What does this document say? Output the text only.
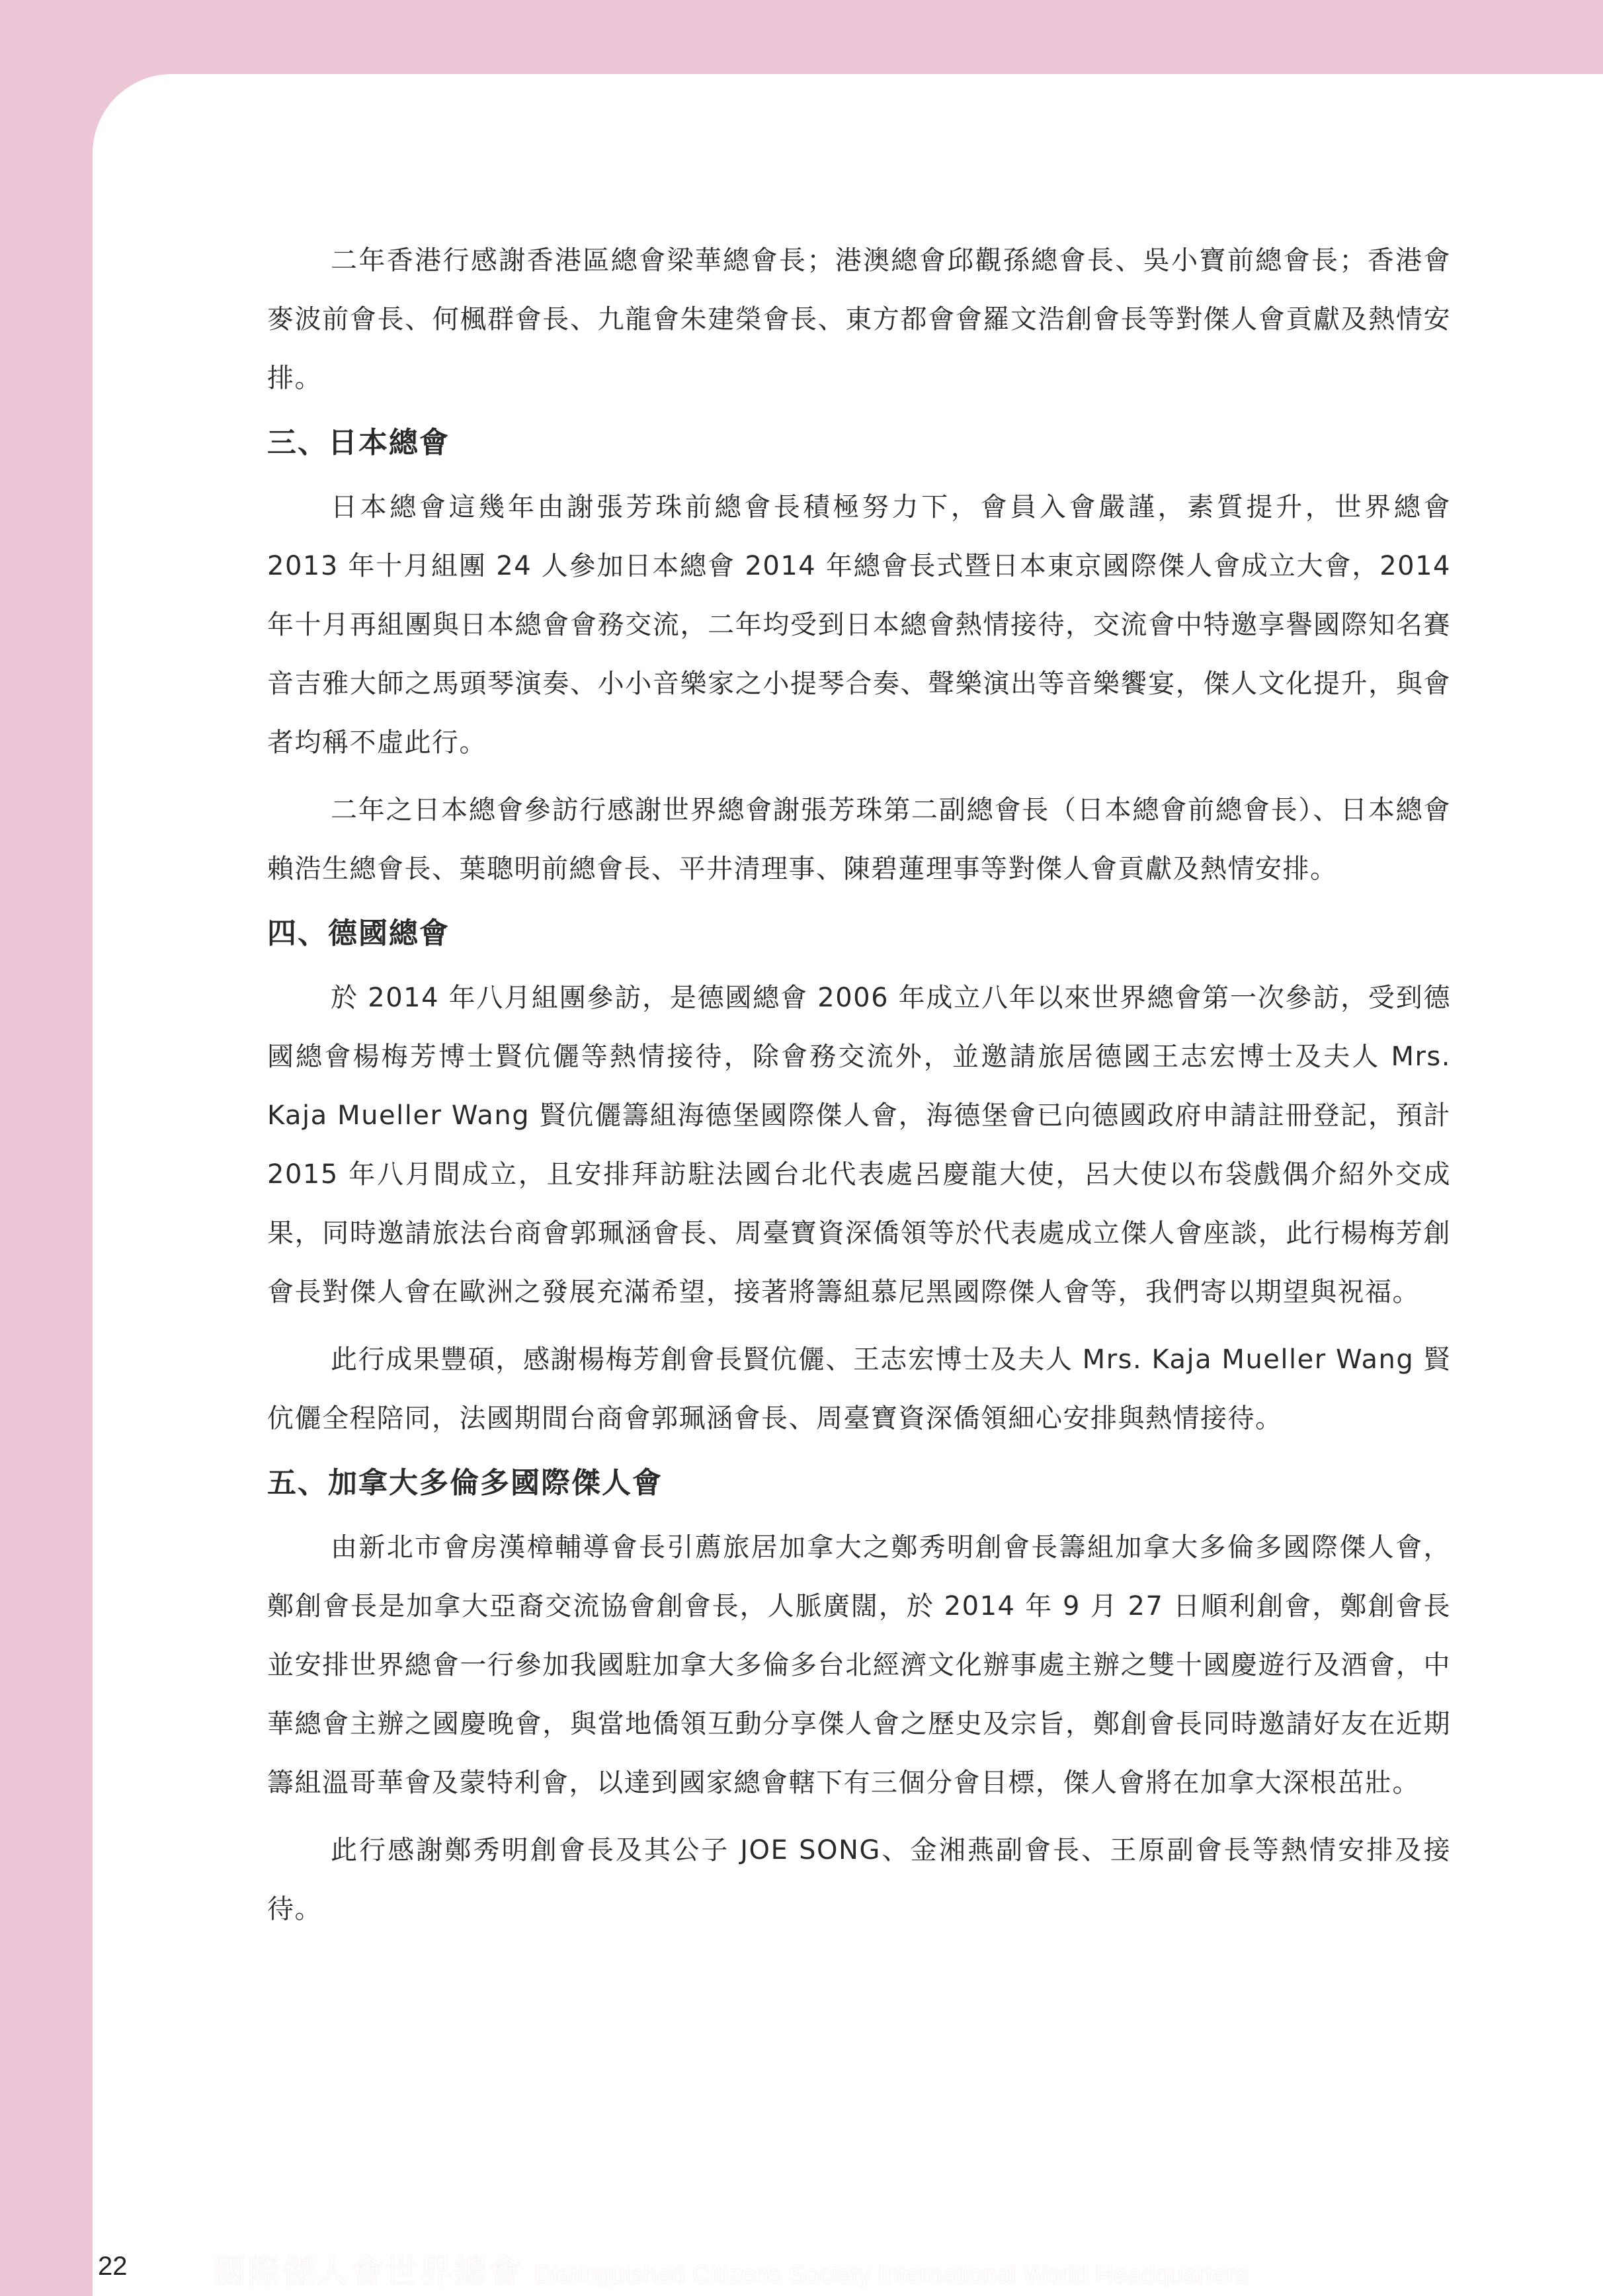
二年香港行感謝香港區總會梁華總會長；港澳總會邱觀孫總會長、吳小寶前總會長；香港會麥波前會長、何楓群會長、九龍會朱建榮會長、東方都會會羅文浩創會長等對傑人會貢獻及熱情安排。

三、日本總會

日本總會這幾年由謝張芳珠前總會長積極努力下，會員入會嚴謹，素質提升，世界總會 2013 年十月組團 24 人參加日本總會 2014 年總會長式暨日本東京國際傑人會成立大會，2014 年十月再組團與日本總會會務交流，二年均受到日本總會熱情接待，交流會中特邀享譽國際知名賽音吉雅大師之馬頭琴演奏、小小音樂家之小提琴合奏、聲樂演出等音樂饗宴，傑人文化提升，與會者均稱不虛此行。

二年之日本總會參訪行感謝世界總會謝張芳珠第二副總會長（日本總會前總會長）、日本總會賴浩生總會長、葉聰明前總會長、平井清理事、陳碧蓮理事等對傑人會貢獻及熱情安排。

四、德國總會

於 2014 年八月組團參訪，是德國總會 2006 年成立八年以來世界總會第一次參訪，受到德國總會楊梅芳博士賢伉儷等熱情接待，除會務交流外，並邀請旅居德國王志宏博士及夫人 Mrs. Kaja Mueller Wang 賢伉儷籌組海德堡國際傑人會，海德堡會已向德國政府申請註冊登記，預計 2015 年八月間成立，且安排拜訪駐法國台北代表處呂慶龍大使，呂大使以布袋戲偶介紹外交成果，同時邀請旅法台商會郭珮涵會長、周臺寶資深僑領等於代表處成立傑人會座談，此行楊梅芳創會長對傑人會在歐洲之發展充滿希望，接著將籌組慕尼黑國際傑人會等，我們寄以期望與祝福。

此行成果豐碩，感謝楊梅芳創會長賢伉儷、王志宏博士及夫人 Mrs. Kaja Mueller Wang 賢伉儷全程陪同，法國期間台商會郭珮涵會長、周臺寶資深僑領細心安排與熱情接待。

五、加拿大多倫多國際傑人會

由新北市會房漢樟輔導會長引薦旅居加拿大之鄭秀明創會長籌組加拿大多倫多國際傑人會，鄭創會長是加拿大亞裔交流協會創會長，人脈廣闊，於 2014 年 9 月 27 日順利創會，鄭創會長並安排世界總會一行參加我國駐加拿大多倫多台北經濟文化辦事處主辦之雙十國慶遊行及酒會，中華總會主辦之國慶晚會，與當地僑領互動分享傑人會之歷史及宗旨，鄭創會長同時邀請好友在近期籌組溫哥華會及蒙特利會，以達到國家總會轄下有三個分會目標，傑人會將在加拿大深根茁壯。

此行感謝鄭秀明創會長及其公子 JOE SONG、金湘燕副會長、王原副會長等熱情安排及接待。

22	國際傑人會世界總會 Distinguished Citizens Society International World Headquarters
